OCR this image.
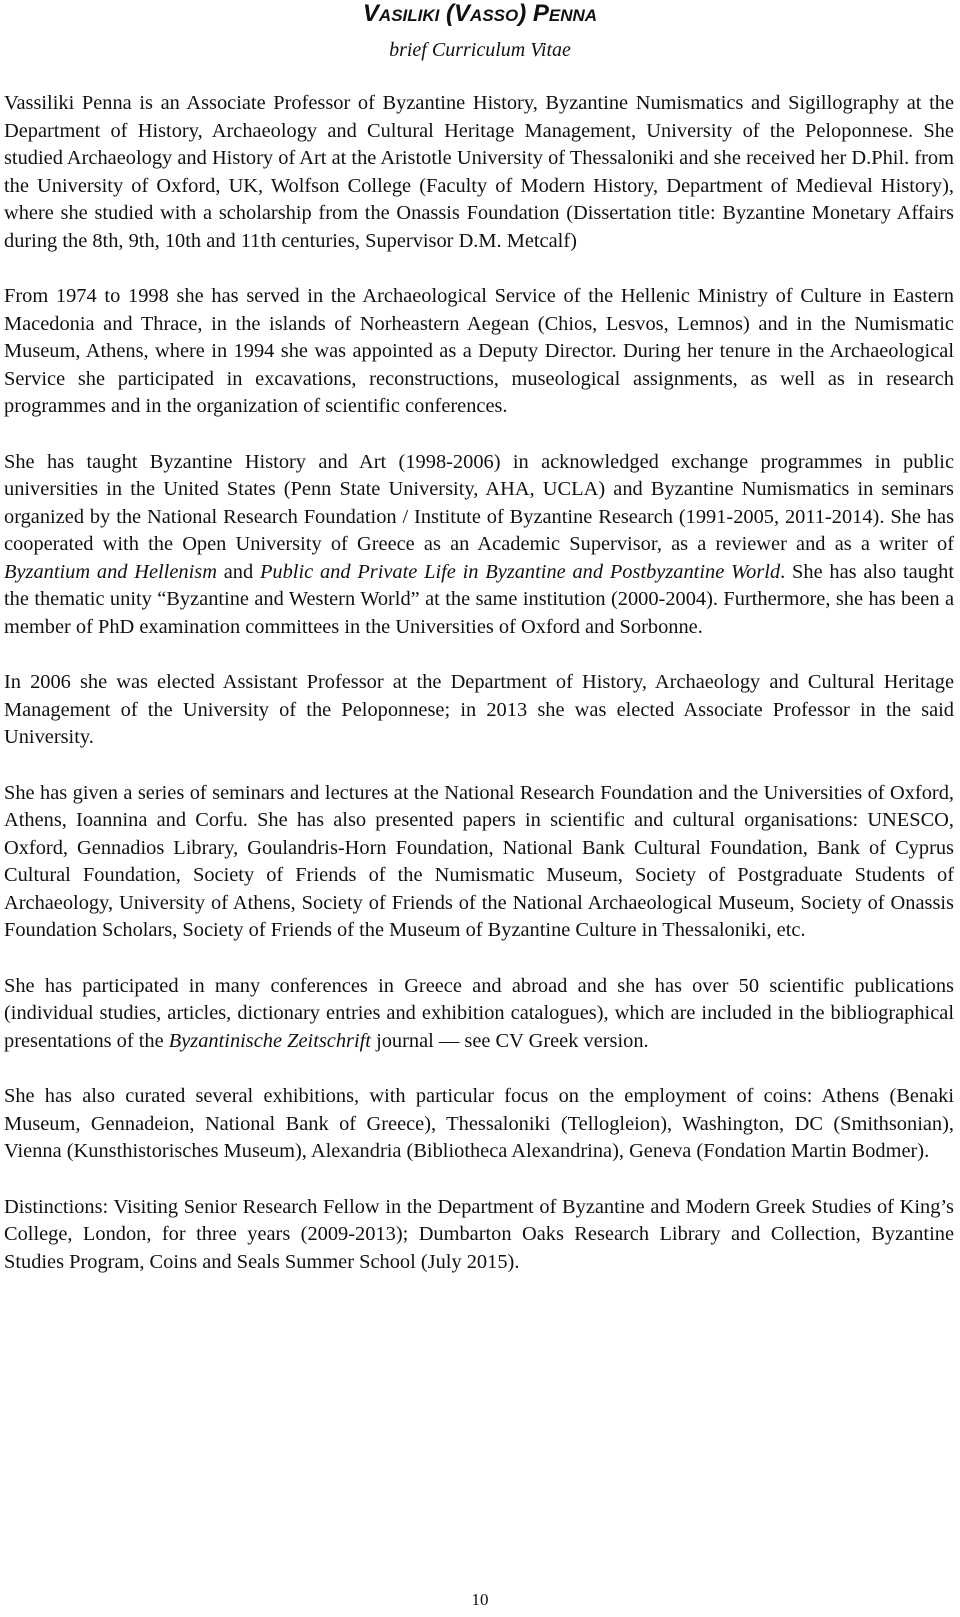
Vasiliki (Vasso) Penna
brief Curriculum Vitae

Vassiliki Penna is an Associate Professor of Byzantine History, Byzantine Numismatics and Sigillography at the Department of History, Archaeology and Cultural Heritage Management, University of the Peloponnese. She studied Archaeology and History of Art at the Aristotle University of Thessaloniki and she received her D.Phil. from the University of Oxford, UK, Wolfson College (Faculty of Modern History, Department of Medieval History), where she studied with a scholarship from the Onassis Foundation (Dissertation title: Byzantine Monetary Affairs during the 8th, 9th, 10th and 11th centuries, Supervisor D.M. Metcalf)

From 1974 to 1998 she has served in the Archaeological Service of the Hellenic Ministry of Culture in Eastern Macedonia and Thrace, in the islands of Norheastern Aegean (Chios, Lesvos, Lemnos) and in the Numismatic Museum, Athens, where in 1994 she was appointed as a Deputy Director. During her tenure in the Archaeological Service she participated in excavations, reconstructions, museological assignments, as well as in research programmes and in the organization of scientific conferences.

She has taught Byzantine History and Art (1998-2006) in acknowledged exchange programmes in public universities in the United States (Penn State University, AHA, UCLA) and Byzantine Numismatics in seminars organized by the National Research Foundation / Institute of Byzantine Research (1991-2005, 2011-2014). She has cooperated with the Open University of Greece as an Academic Supervisor, as a reviewer and as a writer of Byzantium and Hellenism and Public and Private Life in Byzantine and Postbyzantine World. She has also taught the thematic unity “Byzantine and Western World” at the same institution (2000-2004). Furthermore, she has been a member of PhD examination committees in the Universities of Oxford and Sorbonne.

In 2006 she was elected Assistant Professor at the Department of History, Archaeology and Cultural Heritage Management of the University of the Peloponnese; in 2013 she was elected Associate Professor in the said University.

She has given a series of seminars and lectures at the National Research Foundation and the Universities of Oxford, Athens, Ioannina and Corfu. She has also presented papers in scientific and cultural organisations: UNESCO, Oxford, Gennadios Library, Goulandris-Horn Foundation, National Bank Cultural Foundation, Bank of Cyprus Cultural Foundation, Society of Friends of the Numismatic Museum, Society of Postgraduate Students of Archaeology, University of Athens, Society of Friends of the National Archaeological Museum, Society of Onassis Foundation Scholars, Society of Friends of the Museum of Byzantine Culture in Thessaloniki, etc.

She has participated in many conferences in Greece and abroad and she has over 50 scientific publications (individual studies, articles, dictionary entries and exhibition catalogues), which are included in the bibliographical presentations of the Byzantinische Zeitschrift journal — see CV Greek version.

She has also curated several exhibitions, with particular focus on the employment of coins: Athens (Benaki Museum, Gennadeion, National Bank of Greece), Thessaloniki (Tellogleion), Washington, DC (Smithsonian), Vienna (Kunsthistorisches Museum), Alexandria (Bibliotheca Alexandrina), Geneva (Fondation Martin Bodmer).

Distinctions: Visiting Senior Research Fellow in the Department of Byzantine and Modern Greek Studies of King’s College, London, for three years (2009-2013); Dumbarton Oaks Research Library and Collection, Byzantine Studies Program, Coins and Seals Summer School (July 2015).

10
